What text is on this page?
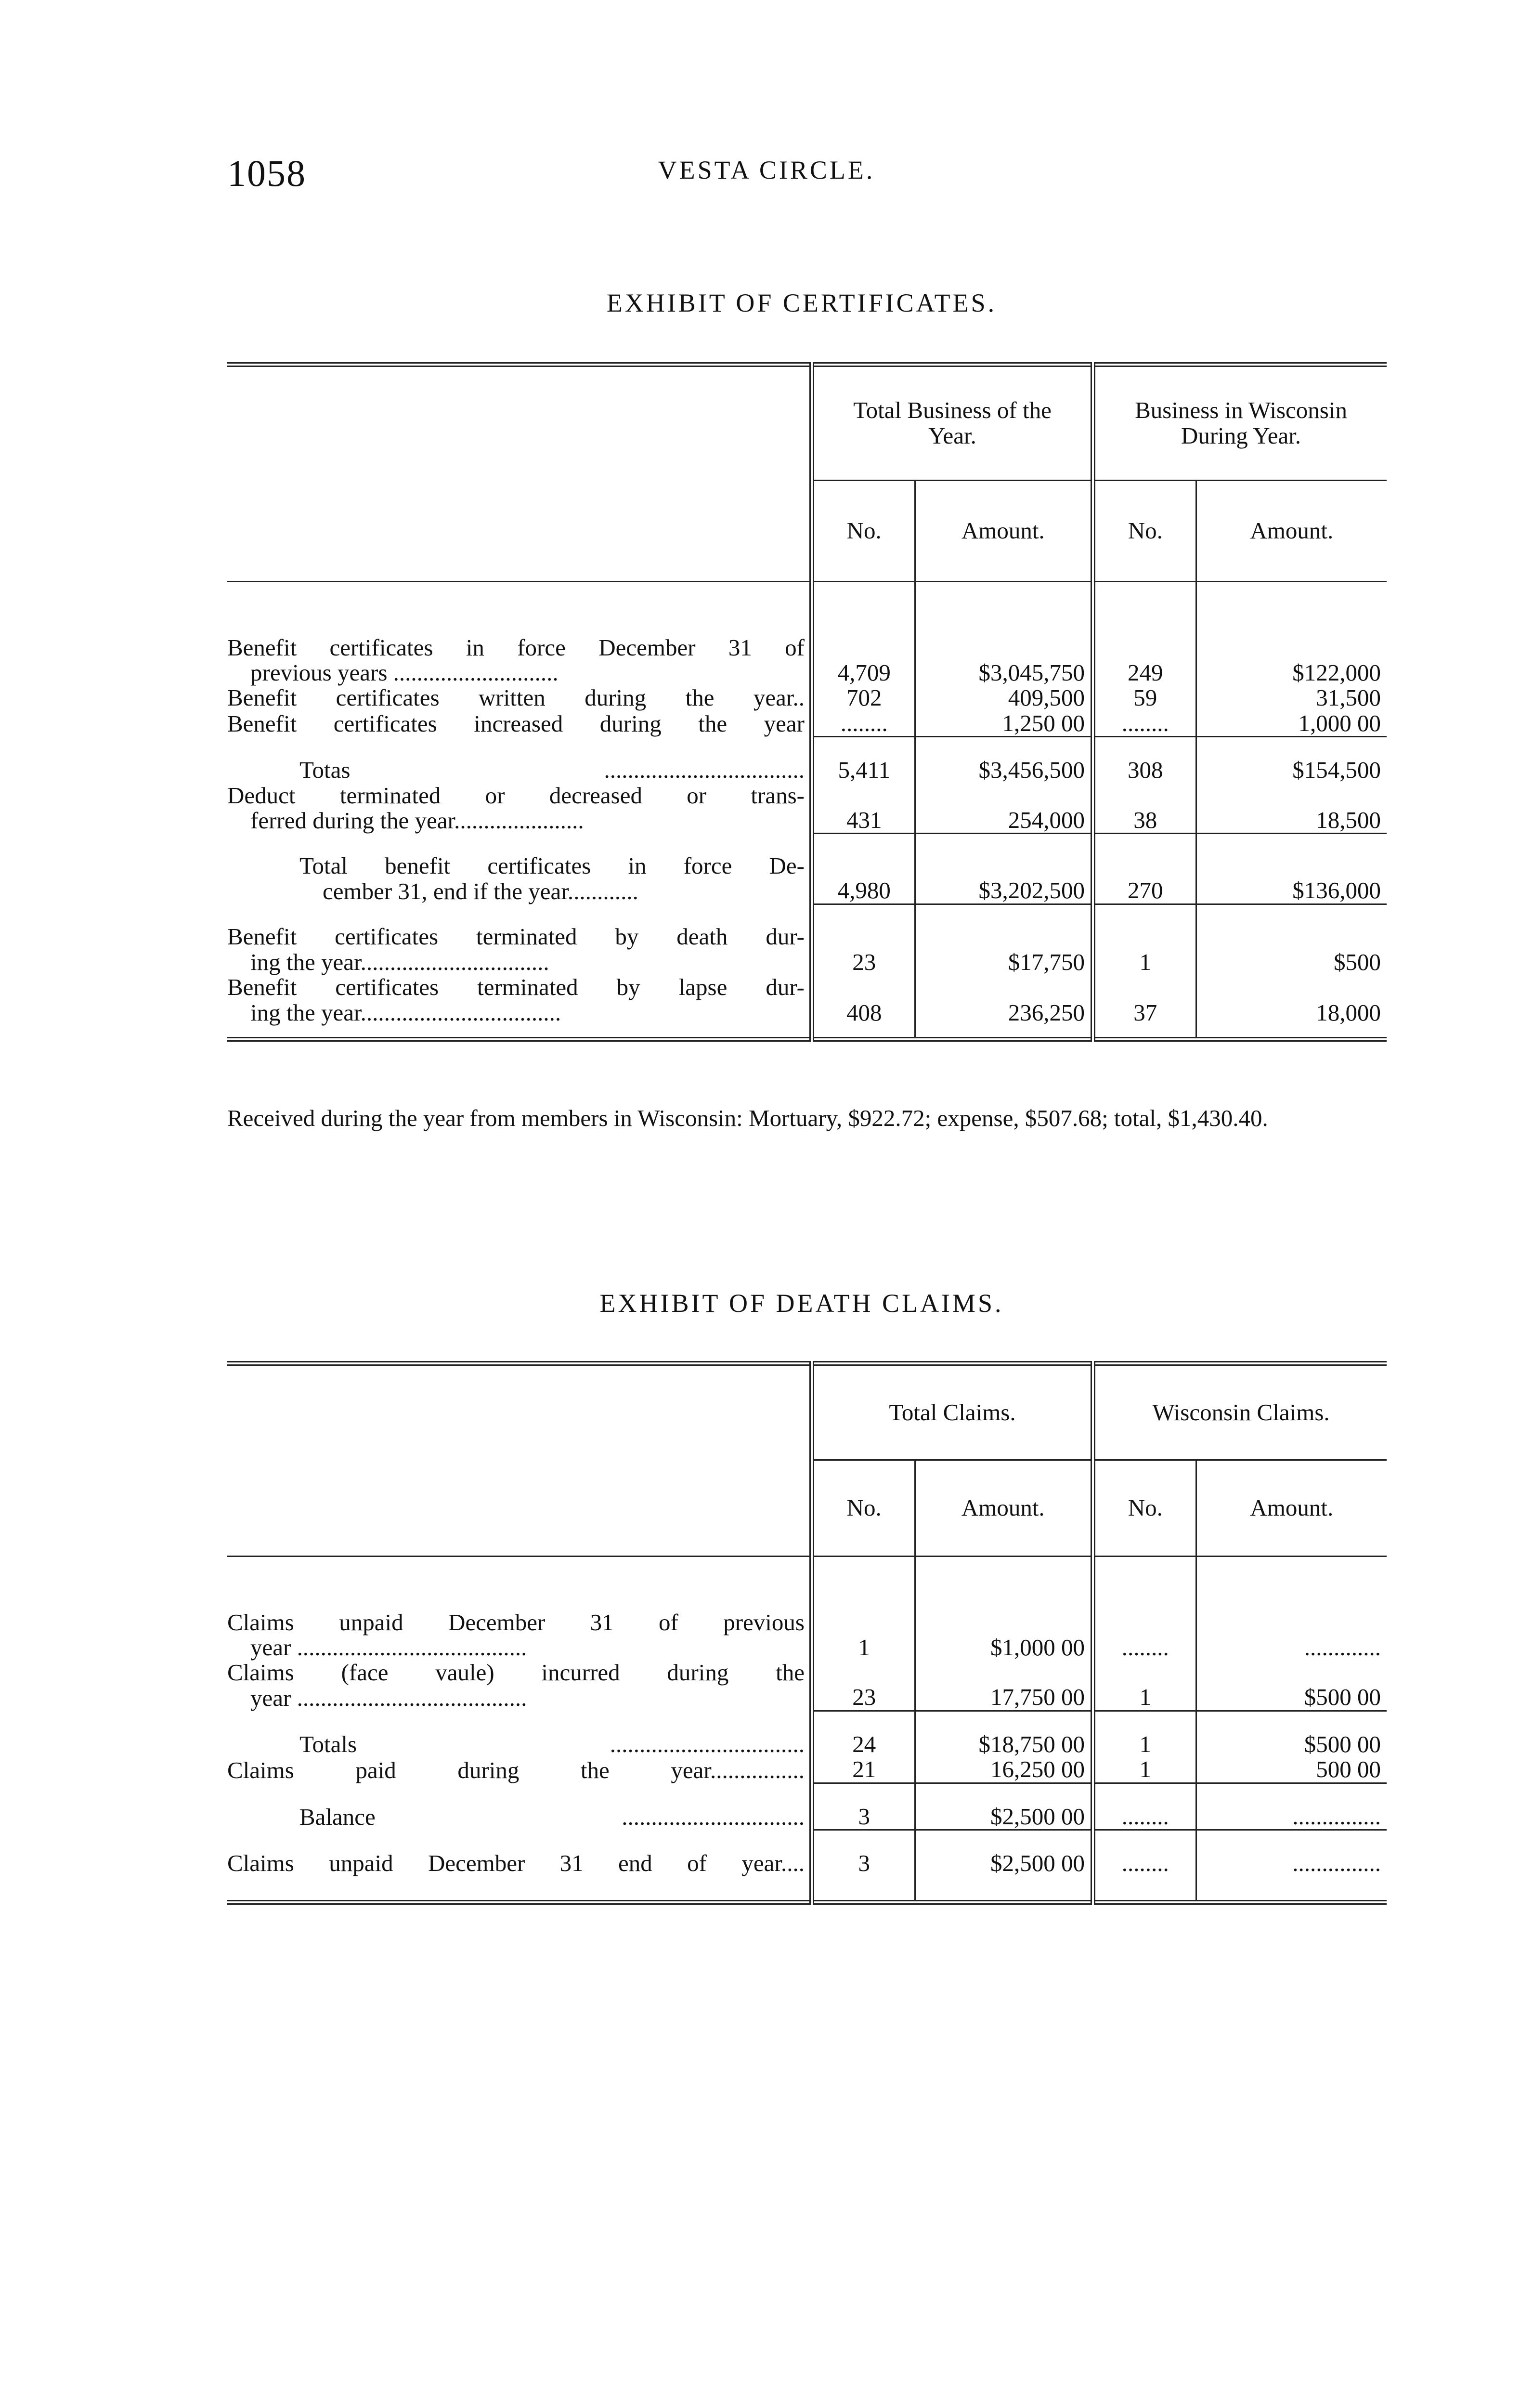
1058	VESTA CIRCLE.
EXHIBIT OF CERTIFICATES.
	Total Business of the Year.		Business in Wisconsin During Year.	
	No.	Amount.	No.	Amount.

Benefit certificates in force December 31 of
previous years ............................	4,709	$3,045,750	249	$122,000
Benefit certificates written during the year..	702	409,500	59	31,500
Benefit certificates increased during the year	........	1,250 00	........	1,000 00
Totas ..................................	5,411	$3,456,500	308	$154,500
Deduct terminated or decreased or trans-
ferred during the year......................	431	254,000	38	18,500
Total benefit certificates in force De-
cember 31, end if the year............	4,980	$3,202,500	270	$136,000
Benefit certificates terminated by death dur-
ing the year................................	23	$17,750	1	$500
Benefit certificates terminated by lapse dur-
ing the year..................................	408	236,250	37	18,000
Received during the year from members in Wisconsin: Mortuary, $922.72; expense, $507.68; total, $1,430.40.
EXHIBIT OF DEATH CLAIMS.
	Total Claims.		Wisconsin Claims.	
	No.	Amount.	No.	Amount.

Claims unpaid December 31 of previous
year .......................................	1	$1,000 00	........	.............
Claims (face vaule) incurred during the
year .......................................	23	17,750 00	1	$500 00
Totals .................................	24	$18,750 00	1	$500 00
Claims paid during the year................	21	16,250 00	1	500 00
Balance ...............................	3	$2,500 00	........	...............
Claims unpaid December 31 end of year....	3	$2,500 00	........	...............
